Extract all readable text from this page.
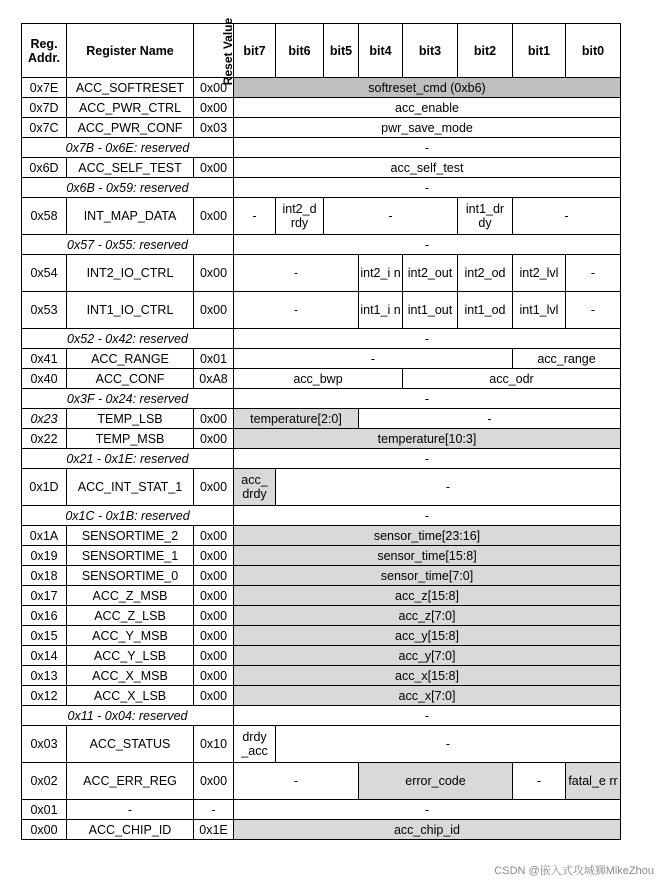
Reg. Addr.	Register Name	Reset Value	bit7	bit6	bit5	bit4	bit3	bit2	bit1	bit0
0x7E	ACC_SOFTRESET	0x00	softreset_cmd (0xb6)							
0x7D	ACC_PWR_CTRL	0x00	acc_enable							
0x7C	ACC_PWR_CONF	0x03	pwr_save_mode							
0x7B - 0x6E: reserved			-							
0x6D	ACC_SELF_TEST	0x00	acc_self_test							
0x6B - 0x59: reserved			-							
0x58	INT_MAP_DATA	0x00	-	int2_d rdy	-			int1_dr dy	-	
0x57 - 0x55: reserved			-							
0x54	INT2_IO_CTRL	0x00	-			int2_i n	int2_out	int2_od	int2_lvl	-
0x53	INT1_IO_CTRL	0x00	-			int1_i n	int1_out	int1_od	int1_lvl	-
0x52 - 0x42: reserved			-							
0x41	ACC_RANGE	0x01	-						acc_range	
0x40	ACC_CONF	0xA8	acc_bwp				acc_odr			
0x3F - 0x24: reserved			-							
0x23	TEMP_LSB	0x00	temperature[2:0]			-				
0x22	TEMP_MSB	0x00	temperature[10:3]							
0x21 - 0x1E: reserved			-							
0x1D	ACC_INT_STAT_1	0x00	acc_ drdy	-						
0x1C - 0x1B: reserved			-							
0x1A	SENSORTIME_2	0x00	sensor_time[23:16]							
0x19	SENSORTIME_1	0x00	sensor_time[15:8]							
0x18	SENSORTIME_0	0x00	sensor_time[7:0]							
0x17	ACC_Z_MSB	0x00	acc_z[15:8]							
0x16	ACC_Z_LSB	0x00	acc_z[7:0]							
0x15	ACC_Y_MSB	0x00	acc_y[15:8]							
0x14	ACC_Y_LSB	0x00	acc_y[7:0]							
0x13	ACC_X_MSB	0x00	acc_x[15:8]							
0x12	ACC_X_LSB	0x00	acc_x[7:0]							
0x11 - 0x04: reserved			-							
0x03	ACC_STATUS	0x10	drdy _acc	-						
0x02	ACC_ERR_REG	0x00	-			error_code			-	fatal_e rr
0x01	-	-	-							
0x00	ACC_CHIP_ID	0x1E	acc_chip_id							
CSDN @嵌入式攻城狮MikeZhou
